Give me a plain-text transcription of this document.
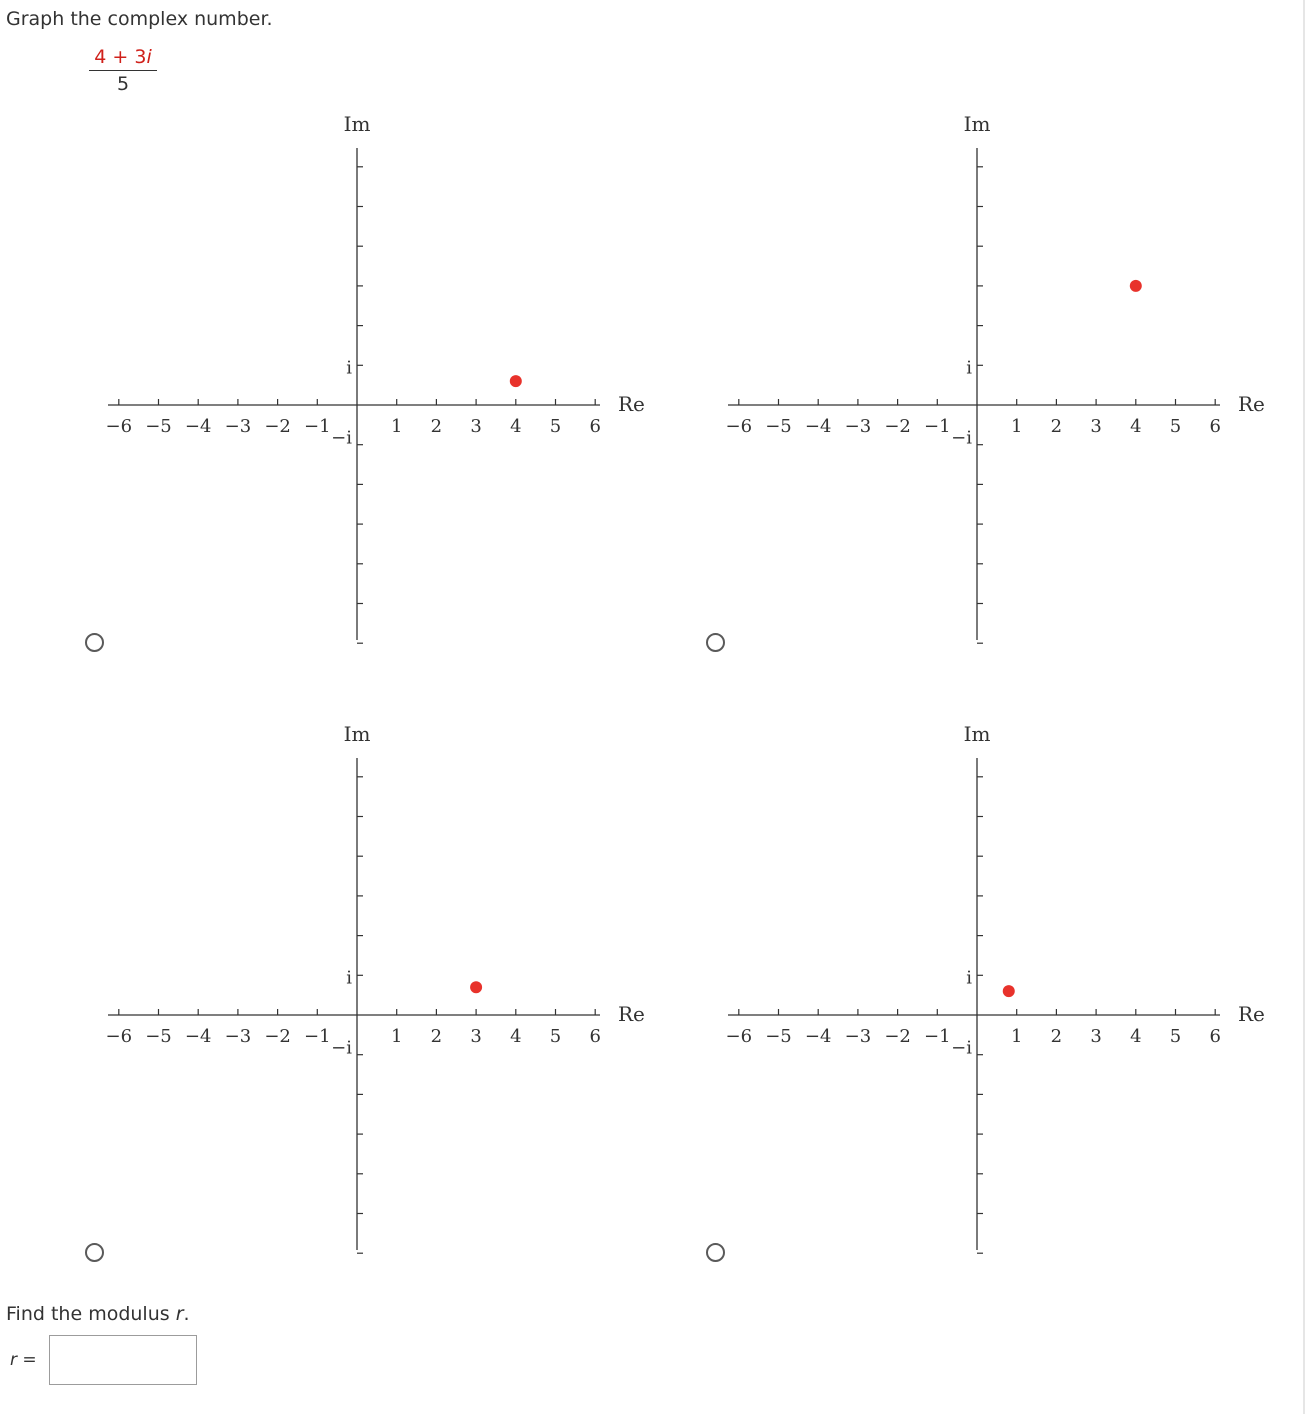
Graph the complex number.
$\frac{4 + 3i}{5}$
−6 −5 −4 −3 −2 −1	1 2 3 4 5 6
Im
Re
i
−i
−6 −5 −4 −3 −2 −1	1 2 3 4 5 6
Im
Re
i
−i
−6 −5 −4 −3 −2 −1	1 2 3 4 5 6
Im
Re
i
−i
−6 −5 −4 −3 −2 −1	1 2 3 4 5 6
Im
Re
i
−i
Find the modulus r.
r =
